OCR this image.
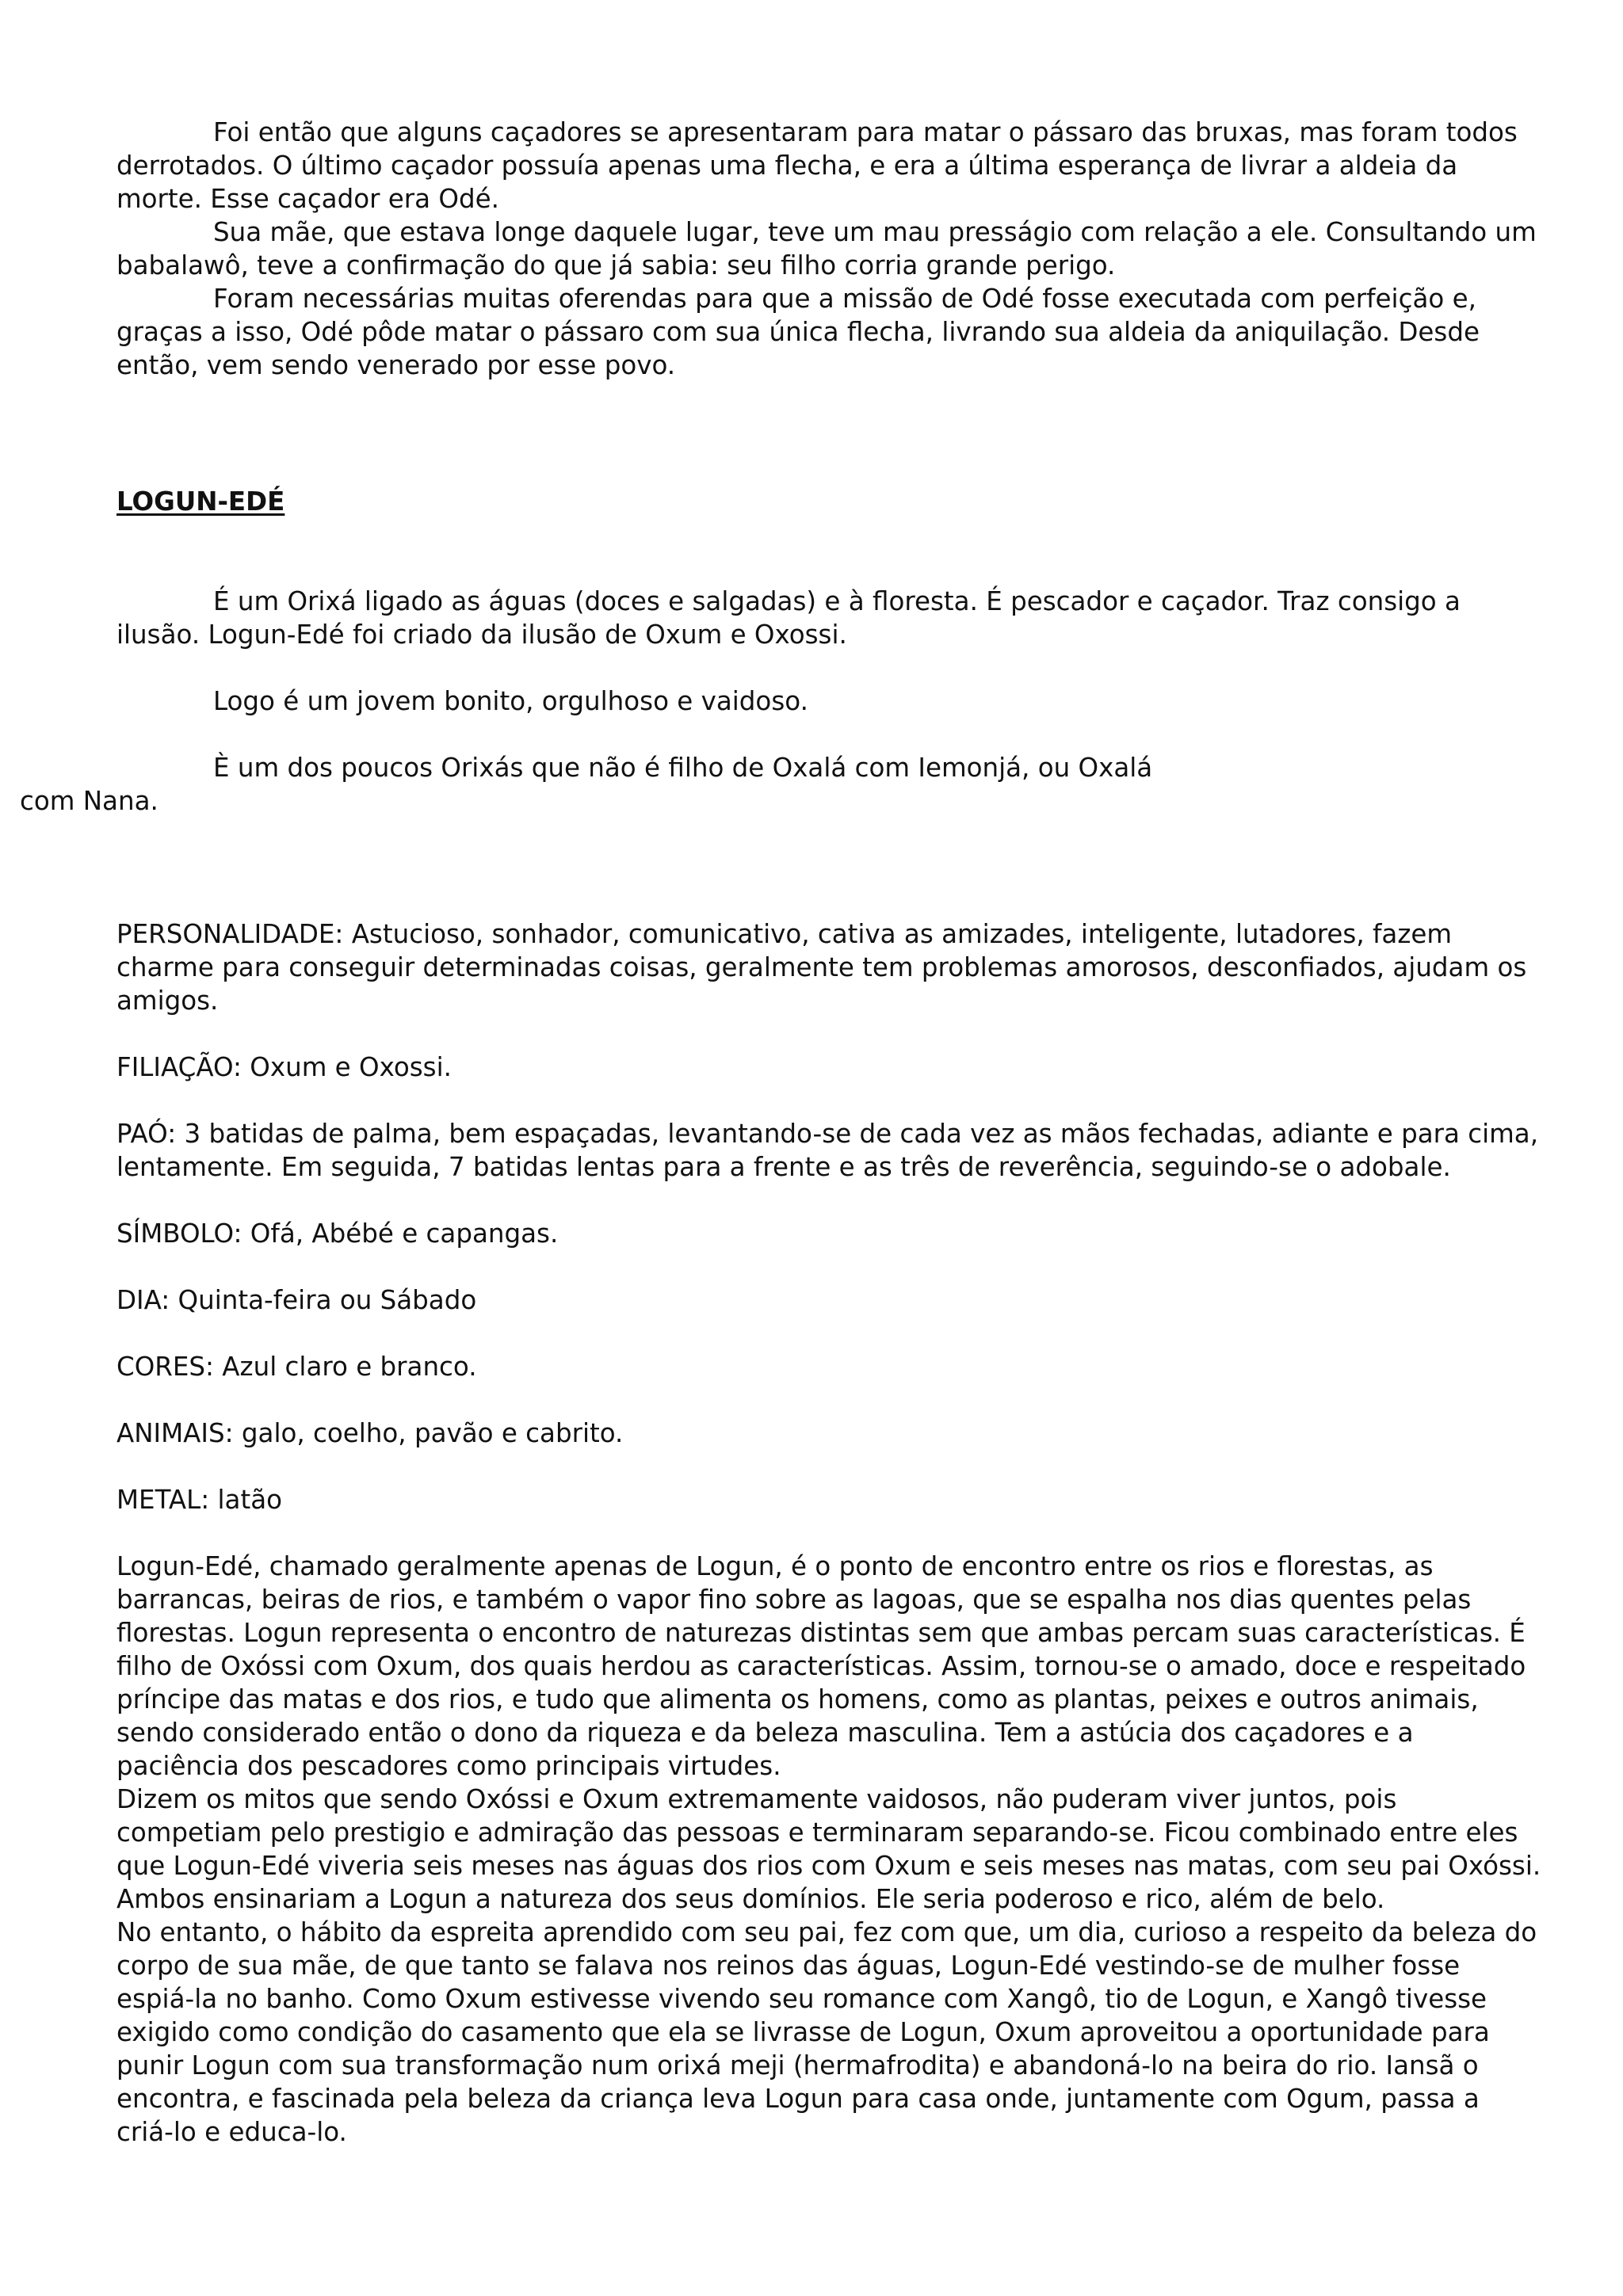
Foi então que alguns caçadores se apresentaram para matar o pássaro das bruxas, mas foram todos derrotados. O último caçador possuía apenas uma flecha, e era a última esperança de livrar a aldeia da morte. Esse caçador era Odé.

Sua mãe, que estava longe daquele lugar, teve um mau presságio com relação a ele. Consultando um babalawô, teve a confirmação do que já sabia: seu filho corria grande perigo.

Foram necessárias muitas oferendas para que a missão de Odé fosse executada com perfeição e, graças a isso, Odé pôde matar o pássaro com sua única flecha, livrando sua aldeia da aniquilação. Desde então, vem sendo venerado por esse povo.

LOGUN-EDÉ

É um Orixá ligado as águas (doces e salgadas) e à floresta. É pescador e caçador. Traz consigo a ilusão. Logun-Edé foi criado da ilusão de Oxum e Oxossi.

Logo é um jovem bonito, orgulhoso e vaidoso.

È um dos poucos Orixás que não é filho de Oxalá com Iemonjá, ou Oxalá
com Nana.

PERSONALIDADE: Astucioso, sonhador, comunicativo, cativa as amizades, inteligente, lutadores, fazem charme para conseguir determinadas coisas, geralmente tem problemas amorosos, desconfiados, ajudam os amigos.

FILIAÇÃO: Oxum e Oxossi.

PAÓ: 3 batidas de palma, bem espaçadas, levantando-se de cada vez as mãos fechadas, adiante e para cima, lentamente. Em seguida, 7 batidas lentas para a frente e as três de reverência, seguindo-se o adobale.

SÍMBOLO: Ofá, Abébé e capangas.

DIA: Quinta-feira ou Sábado

CORES: Azul claro e branco.

ANIMAIS: galo, coelho, pavão e cabrito.

METAL: latão

Logun-Edé, chamado geralmente apenas de Logun, é o ponto de encontro entre os rios e florestas, as barrancas, beiras de rios, e também o vapor fino sobre as lagoas, que se espalha nos dias quentes pelas florestas. Logun representa o encontro de naturezas distintas sem que ambas percam suas características. É filho de Oxóssi com Oxum, dos quais herdou as características. Assim, tornou-se o amado, doce e respeitado príncipe das matas e dos rios, e tudo que alimenta os homens, como as plantas, peixes e outros animais, sendo considerado então o dono da riqueza e da beleza masculina. Tem a astúcia dos caçadores e a paciência dos pescadores como principais virtudes.

Dizem os mitos que sendo Oxóssi e Oxum extremamente vaidosos, não puderam viver juntos, pois competiam pelo prestigio e admiração das pessoas e terminaram separando-se. Ficou combinado entre eles que Logun-Edé viveria seis meses nas águas dos rios com Oxum e seis meses nas matas, com seu pai Oxóssi. Ambos ensinariam a Logun a natureza dos seus domínios. Ele seria poderoso e rico, além de belo.

No entanto, o hábito da espreita aprendido com seu pai, fez com que, um dia, curioso a respeito da beleza do corpo de sua mãe, de que tanto se falava nos reinos das águas, Logun-Edé vestindo-se de mulher fosse espiá-la no banho. Como Oxum estivesse vivendo seu romance com Xangô, tio de Logun, e Xangô tivesse exigido como condição do casamento que ela se livrasse de Logun, Oxum aproveitou a oportunidade para punir Logun com sua transformação num orixá meji (hermafrodita) e abandoná-lo na beira do rio. Iansã o encontra, e fascinada pela beleza da criança leva Logun para casa onde, juntamente com Ogum, passa a criá-lo e educa-lo.
